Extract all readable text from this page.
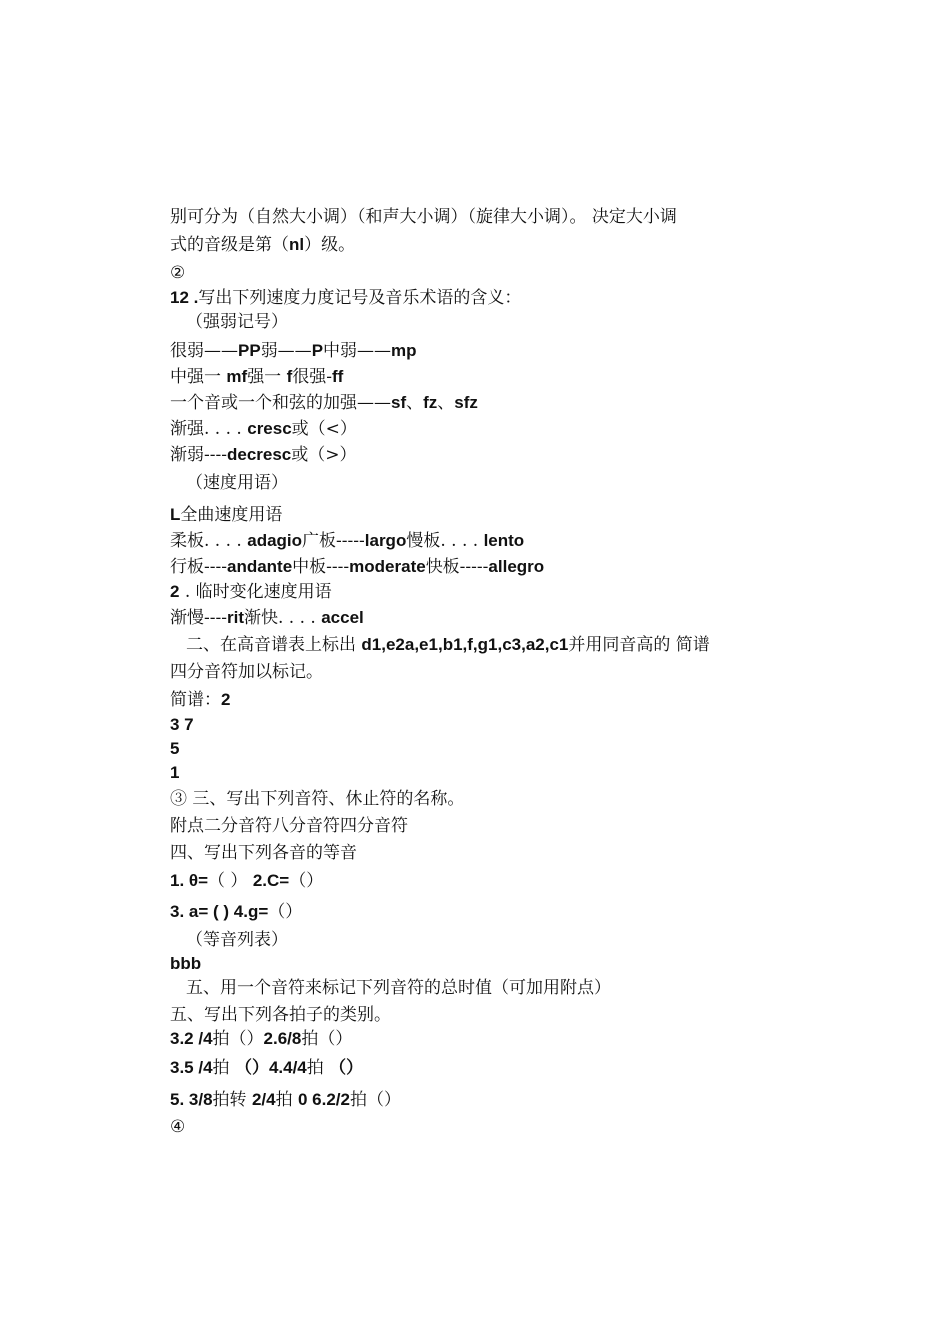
别可分为（自然大小调）（和声大小调）（旋律大小调）。 决定大小调
式的音级是第（nl）级。
②
12 .写出下列速度力度记号及音乐术语的含义：
（强弱记号）
很弱——PP弱——P中弱——mp
中强一 mf强一 f很强-ff
一个音或一个和弦的加强——sf、fz、sfz
渐强. . . . cresc或（<）
渐弱----decresc或（>）
（速度用语）
L全曲速度用语
柔板. . . . adagio广板-----largo慢板. . . . lento
行板----andante中板----moderate快板-----allegro
2 . 临时变化速度用语
渐慢----rit渐快. . . . accel
二、在高音谱表上标出 d1,e2a,e1,b1,f,g1,c3,a2,c1并用同音高的 简谱
四分音符加以标记。
简谱：2
3 7
5
1
③ 三、写出下列音符、休止符的名称。
附点二分音符八分音符四分音符
四、写出下列各音的等音
1. θ=（ ） 2.C=（）
3. a= ( ) 4.g=（）
（等音列表）
bbb
五、用一个音符来标记下列音符的总时值（可加用附点）
五、写出下列各拍子的类别。
3.2 /4拍（）2.6/8拍（）
3.5 /4拍 （）4.4/4拍 （）
5. 3/8拍转 2/4拍 0 6.2/2拍（）
④
